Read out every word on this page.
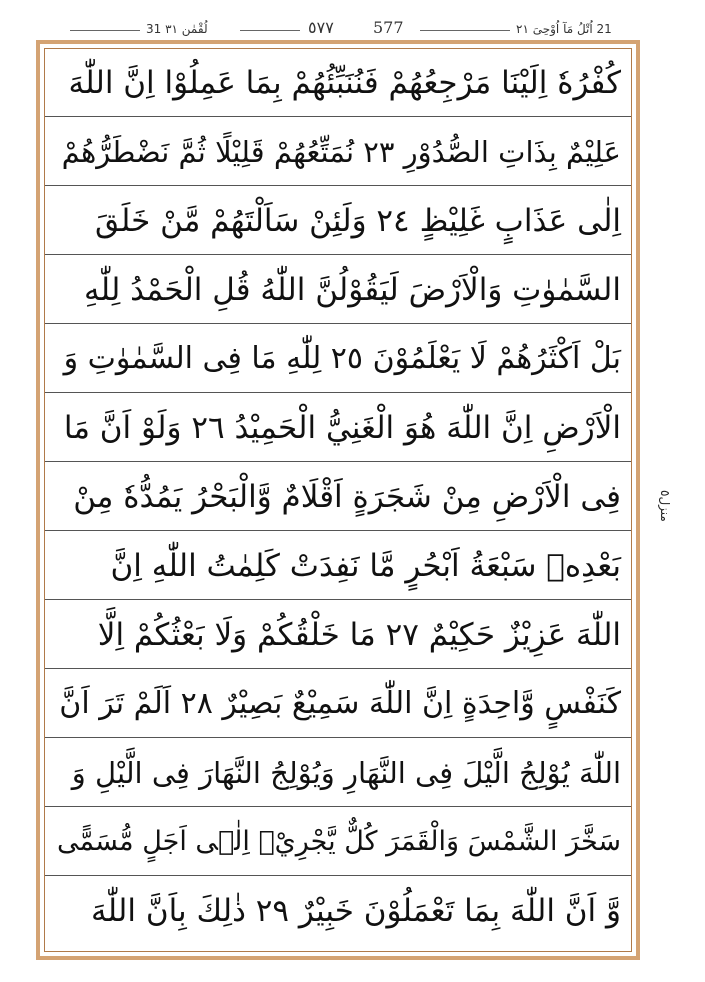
31 لُقْمٰن ٣١	٥٧٧ 577	21 اُتْلُ مَآ اُوْحِیَ ٢١
كُفْرُهٗ اِلَيْنَا مَرْجِعُهُمْ فَنُنَبِّئُهُمْ بِمَا عَمِلُوْا اِنَّ اللّٰهَ
عَلِيْمٌ بِذَاتِ الصُّدُوْرِ ٢٣ نُمَتِّعُهُمْ قَلِيْلًا ثُمَّ نَضْطَرُّهُمْ
اِلٰى عَذَابٍ غَلِيْظٍ ٢٤ وَلَئِنْ سَاَلْتَهُمْ مَّنْ خَلَقَ
السَّمٰوٰتِ وَالْاَرْضَ لَيَقُوْلُنَّ اللّٰهُ قُلِ الْحَمْدُ لِلّٰهِ
بَلْ اَكْثَرُهُمْ لَا يَعْلَمُوْنَ ٢٥ لِلّٰهِ مَا فِى السَّمٰوٰتِ وَ
الْاَرْضِ اِنَّ اللّٰهَ هُوَ الْغَنِيُّ الْحَمِيْدُ ٢٦ وَلَوْ اَنَّ مَا
فِى الْاَرْضِ مِنْ شَجَرَةٍ اَقْلَامٌ وَّالْبَحْرُ يَمُدُّهٗ مِنْ
بَعْدِهٖ سَبْعَةُ اَبْحُرٍ مَّا نَفِدَتْ كَلِمٰتُ اللّٰهِ اِنَّ
اللّٰهَ عَزِيْزٌ حَكِيْمٌ ٢٧ مَا خَلْقُكُمْ وَلَا بَعْثُكُمْ اِلَّا
كَنَفْسٍ وَّاحِدَةٍ اِنَّ اللّٰهَ سَمِيْعٌ بَصِيْرٌ ٢٨ اَلَمْ تَرَ اَنَّ
اللّٰهَ يُوْلِجُ الَّيْلَ فِى النَّهَارِ وَيُوْلِجُ النَّهَارَ فِى الَّيْلِ وَ
سَخَّرَ الشَّمْسَ وَالْقَمَرَ كُلٌّ يَّجْرِيْۤ اِلٰۤى اَجَلٍ مُّسَمًّى
وَّ اَنَّ اللّٰهَ بِمَا تَعْمَلُوْنَ خَبِيْرٌ ٢٩ ذٰلِكَ بِاَنَّ اللّٰهَ
منزل٥
